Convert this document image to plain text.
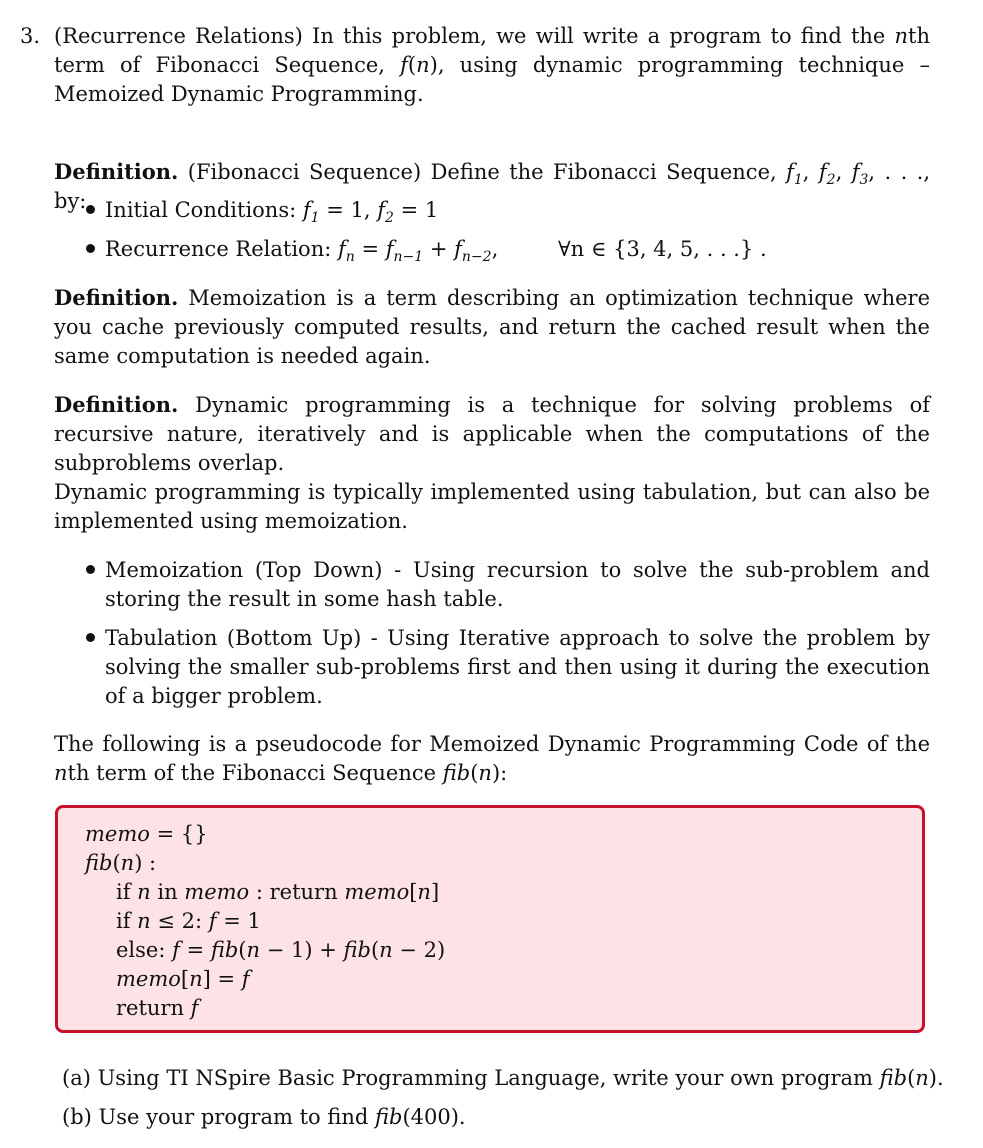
3. (Recurrence Relations) In this problem, we will write a program to find the nth term of Fibonacci Sequence, f(n), using dynamic programming technique – Memoized Dynamic Programming.
Definition. (Fibonacci Sequence) Define the Fibonacci Sequence, $f_1$, $f_2$, $f_3$, . . ., by: Initial Conditions: $f_1 = 1$, $f_2 = 1$
Recurrence Relation: $f_n = f_{n-1} + f_{n-2}$,	∀n ∈ {3, 4, 5, . . .} .
Definition. Memoization is a term describing an optimization technique where you cache previously computed results, and return the cached result when the same computation is needed again.
Definition. Dynamic programming is a technique for solving problems of recursive nature, iteratively and is applicable when the computations of the subproblems overlap.
Dynamic programming is typically implemented using tabulation, but can also be implemented using memoization.
Memoization (Top Down) - Using recursion to solve the sub-problem and storing the result in some hash table.
Tabulation (Bottom Up) - Using Iterative approach to solve the problem by solving the smaller sub-problems first and then using it during the execution of a bigger problem.
The following is a pseudocode for Memoized Dynamic Programming Code of the nth term of the Fibonacci Sequence fib(n):
memo = {}
fib(n) :
if n in memo : return memo[n]
if n ≤ 2: f = 1
else: f = fib(n − 1) + fib(n − 2)
memo[n] = f
return f
(a) Using TI NSpire Basic Programming Language, write your own program fib(n).
(b) Use your program to find fib(400).
